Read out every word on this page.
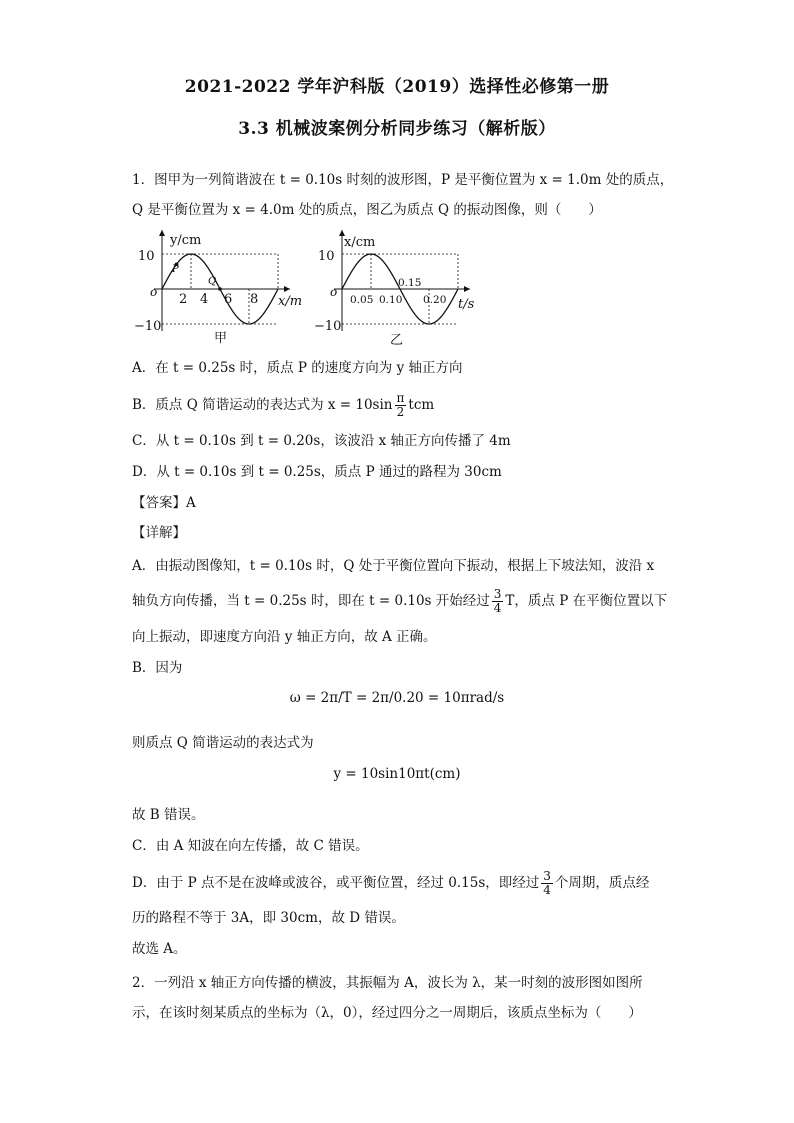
2021-2022 学年沪科版（2019）选择性必修第一册
3.3 机械波案例分析同步练习（解析版）
1．图甲为一列简谐波在 t = 0.10s 时刻的波形图，P 是平衡位置为 x = 1.0m 处的质点，
Q 是平衡位置为 x = 4.0m 处的质点，图乙为质点 Q 的振动图像，则（　　）
y/cm
10
−10
o
x/m
2 4 6 8
P
Q
甲
x/cm
10
−10
o
t/s
0.05 0.10 0.20
0.15
乙
A．在 t = 0.25s 时，质点 P 的速度方向为 y 轴正方向
B．质点 Q 简谐运动的表达式为 $x = 10\sin \frac{\pi}{2}$ tcm
C．从 t = 0.10s 到 t = 0.20s，该波沿 x 轴正方向传播了 4m
D．从 t = 0.10s 到 t = 0.25s，质点 P 通过的路程为 30cm
【答案】A
【详解】
A．由振动图像知，t = 0.10s 时，Q 处于平衡位置向下振动，根据上下坡法知，波沿 x
轴负方向传播，当 t = 0.25s 时，即在 t = 0.10s 开始经过 $\frac{3}{4}$ T，质点 P 在平衡位置以下
向上振动，即速度方向沿 y 轴正方向，故 A 正确。
B．因为
ω = 2π/T = 2π/0.20 = 10πrad/s
则质点 Q 简谐运动的表达式为
y = 10sin10πt(cm)
故 B 错误。
C．由 A 知波在向左传播，故 C 错误。
D．由于 P 点不是在波峰或波谷，或平衡位置，经过 0.15s，即经过 $\frac{3}{4}$ 个周期，质点经
历的路程不等于 3A，即 30cm，故 D 错误。
故选 A。
2．一列沿 x 轴正方向传播的横波，其振幅为 A，波长为 λ，某一时刻的波形图如图所
示，在该时刻某质点的坐标为（λ，0），经过四分之一周期后，该质点坐标为（　　）
